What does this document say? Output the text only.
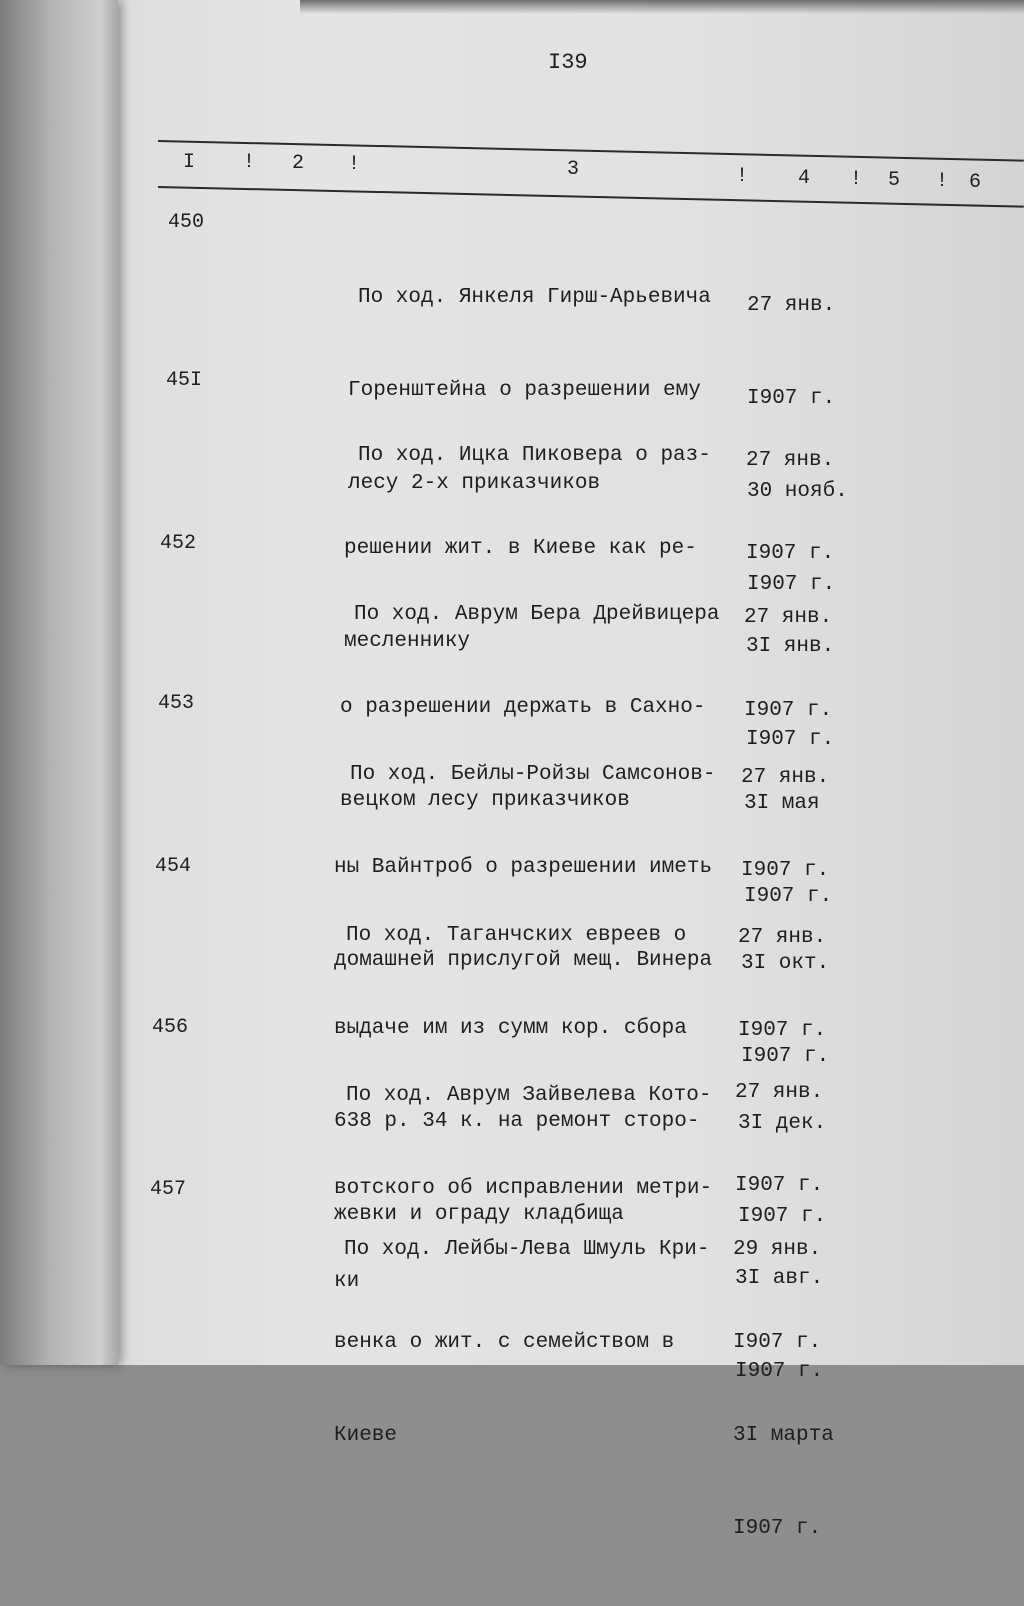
I39
I ! 2 !	3	! 4 ! 5 ! 6
450

По ход. Янкеля Гирш-Арьевича

Горенштейна о разрешении ему

лесу 2-х приказчиков

27 янв.

I907 г.

30 нояб.

I907 г.

45I

По ход. Ицка Пиковера о раз-

решении жит. в Киеве как ре-

месленнику

27 янв.

I907 г.

3I янв.

I907 г.

452

По ход. Аврум Бера Дрейвицера

о разрешении держать в Сахно-

вецком лесу приказчиков

27 янв.

I907 г.

3I мая

I907 г.

453

По ход. Бейлы-Ройзы Самсонов-

ны Вайнтроб о разрешении иметь

домашней прислугой мещ. Винера

27 янв.

I907 г.

3I окт.

I907 г.

454

По ход. Таганчских евреев о

выдаче им из сумм кор. сбора

638 р. 34 к. на ремонт сторо-

жевки и ограду кладбища

27 янв.

I907 г.

3I дек.

I907 г.

456

По ход. Аврум Зайвелева Кото-

вотского об исправлении метри-

ки

27 янв.

I907 г.

3I авг.

I907 г.

457

По ход. Лейбы-Лева Шмуль Кри-

венка о жит. с семейством в

Киеве

29 янв.

I907 г.

3I марта

I907 г.
